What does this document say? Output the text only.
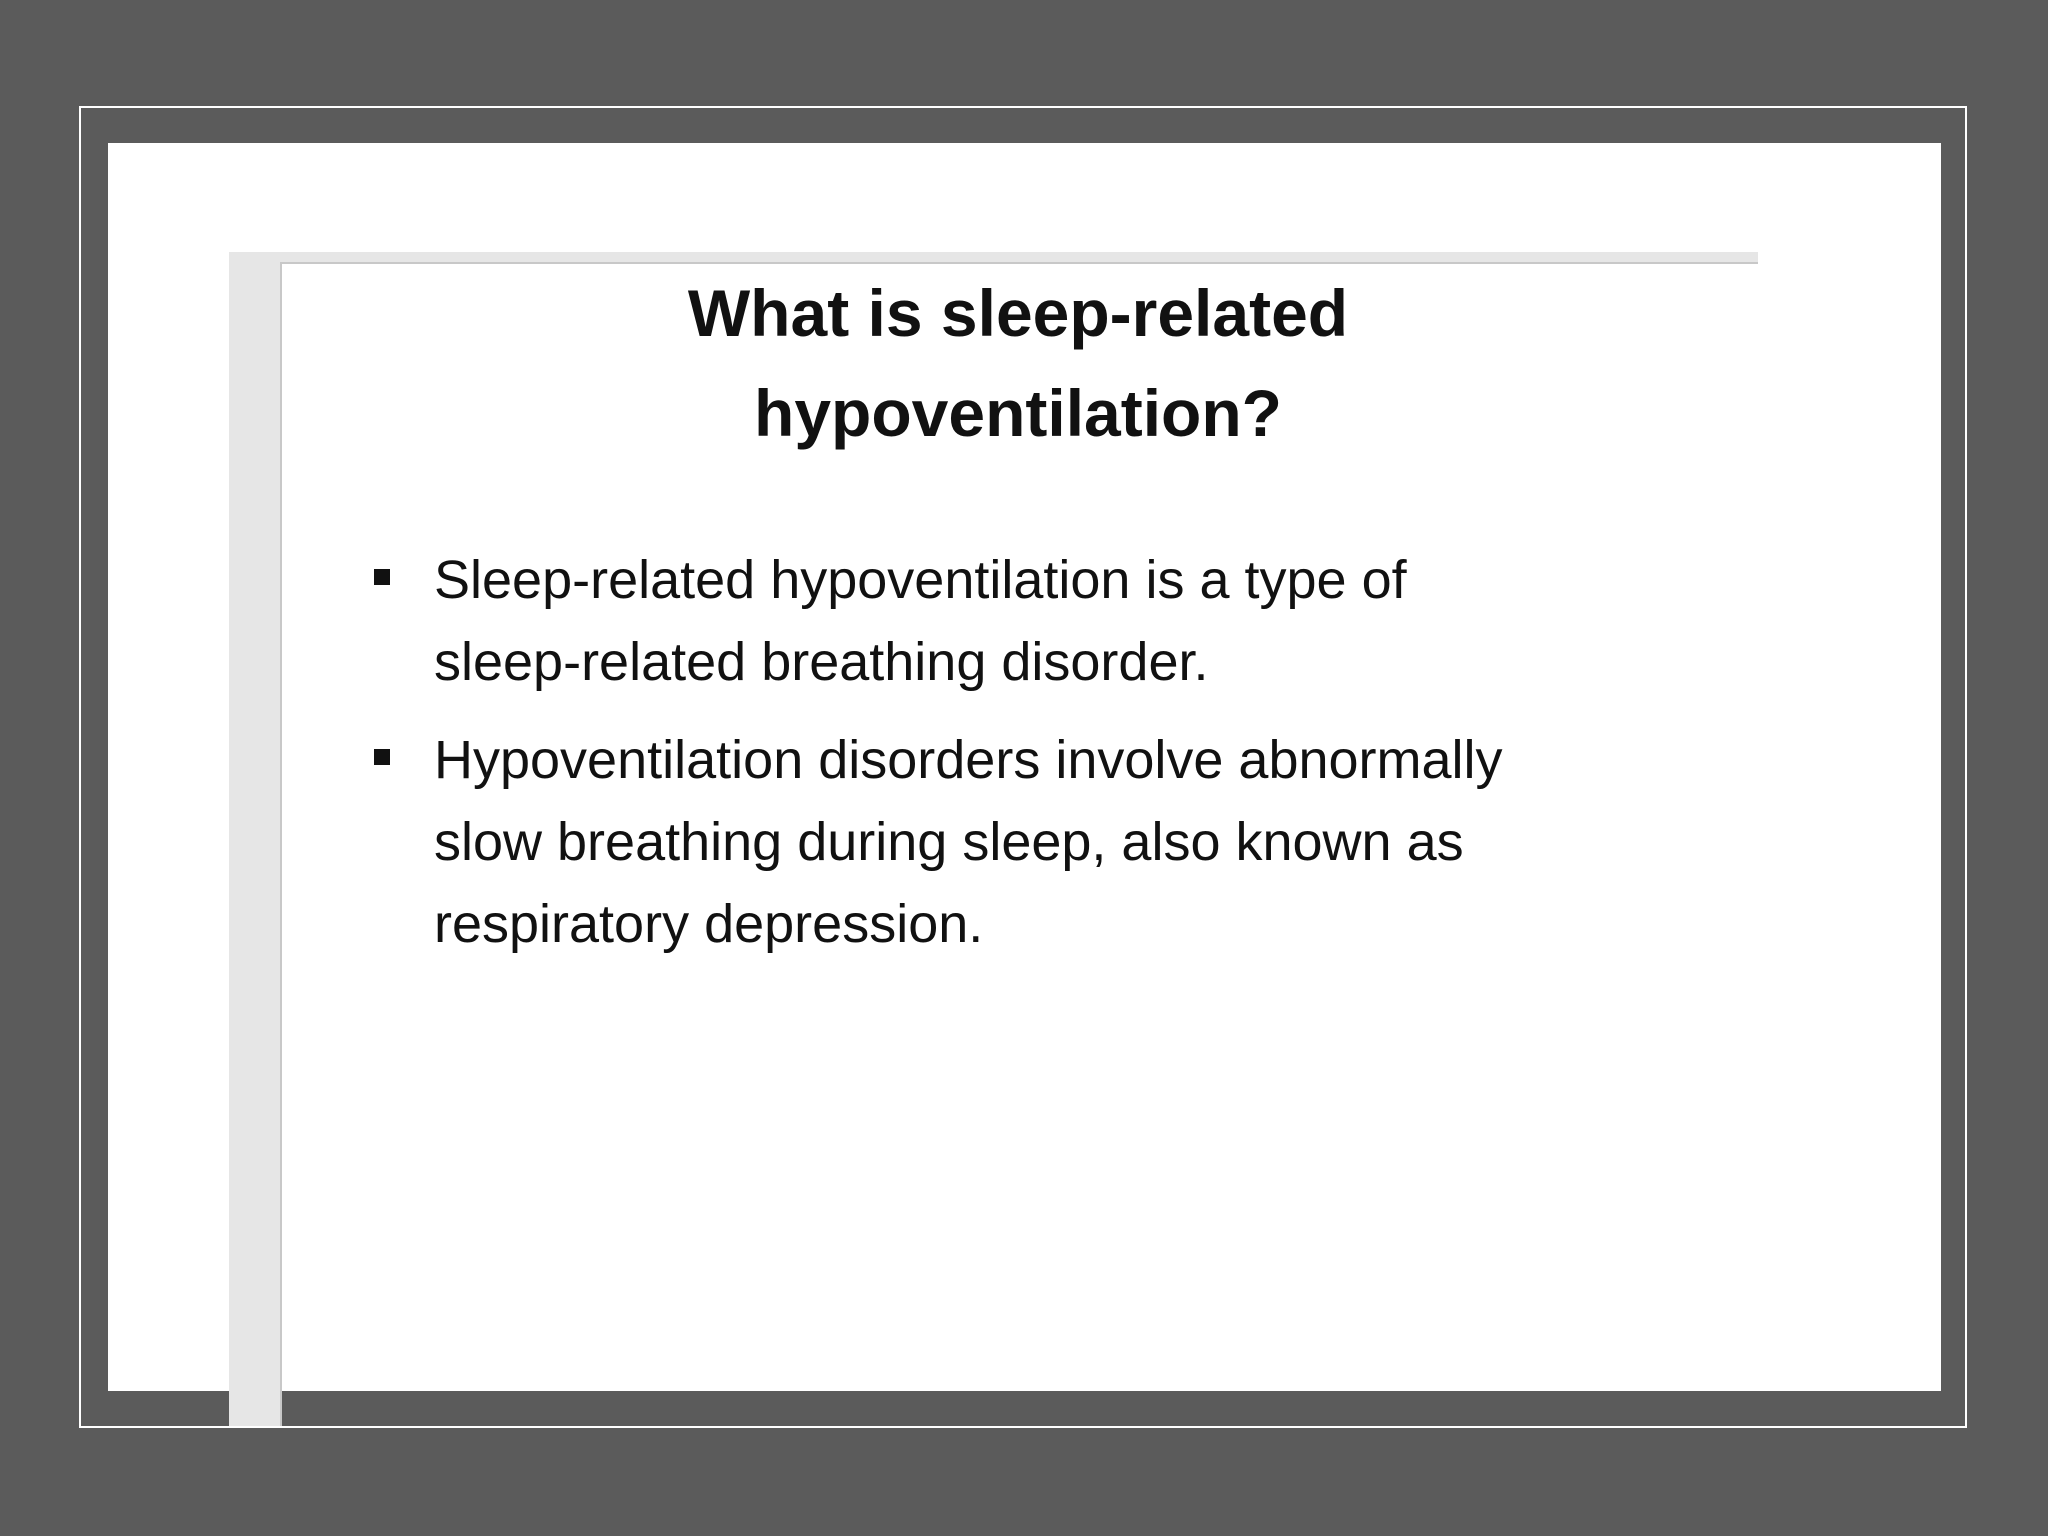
What is sleep-related
hypoventilation?
Sleep-related hypoventilation is a type of
sleep-related breathing disorder.
Hypoventilation disorders involve abnormally
slow breathing during sleep, also known as
respiratory depression.
